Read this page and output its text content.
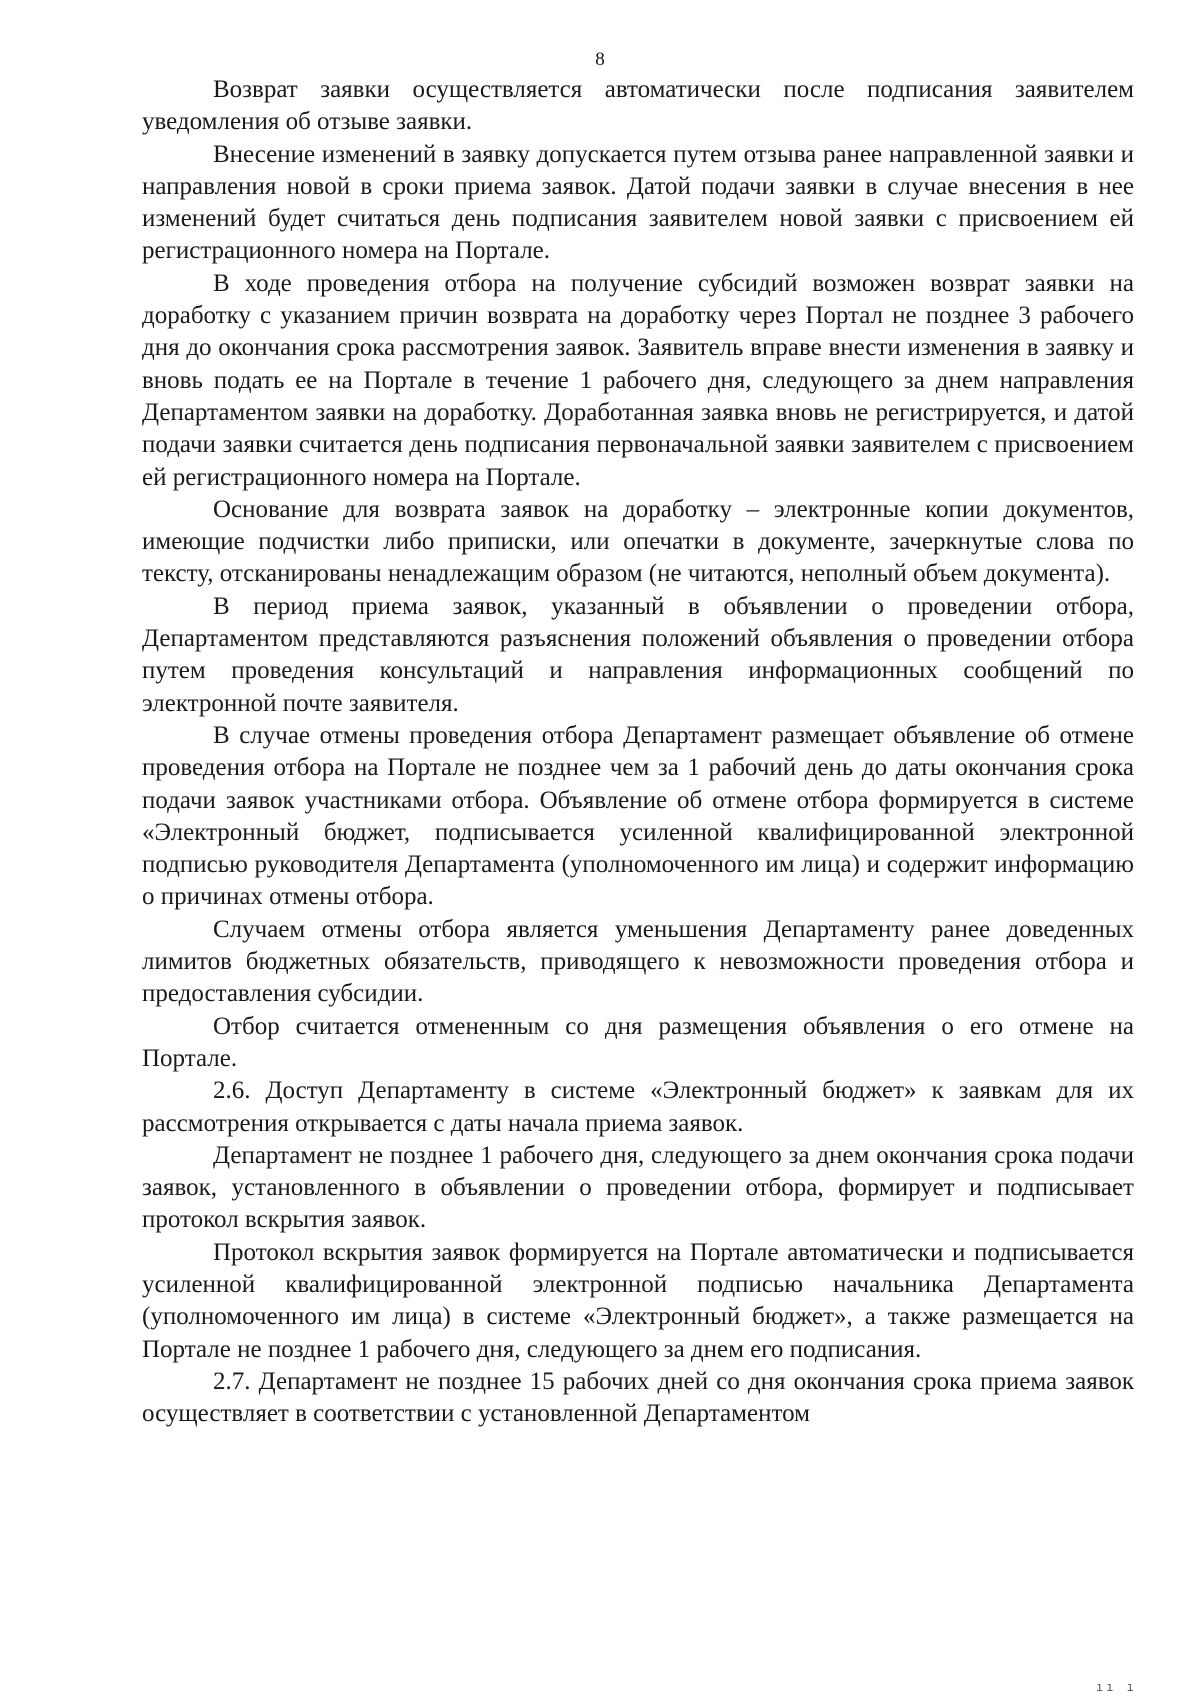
8

Возврат заявки осуществляется автоматически после подписания заявителем уведомления об отзыве заявки.

Внесение изменений в заявку допускается путем отзыва ранее направленной заявки и направления новой в сроки приема заявок. Датой подачи заявки в случае внесения в нее изменений будет считаться день подписания заявителем новой заявки с присвоением ей регистрационного номера на Портале.

В ходе проведения отбора на получение субсидий возможен возврат заявки на доработку с указанием причин возврата на доработку через Портал не позднее 3 рабочего дня до окончания срока рассмотрения заявок. Заявитель вправе внести изменения в заявку и вновь подать ее на Портале в течение 1 рабочего дня, следующего за днем направления Департаментом заявки на доработку. Доработанная заявка вновь не регистрируется, и датой подачи заявки считается день подписания первоначальной заявки заявителем с присвоением ей регистрационного номера на Портале.

Основание для возврата заявок на доработку – электронные копии документов, имеющие подчистки либо приписки, или опечатки в документе, зачеркнутые слова по тексту, отсканированы ненадлежащим образом (не читаются, неполный объем документа).

В период приема заявок, указанный в объявлении о проведении отбора, Департаментом представляются разъяснения положений объявления о проведении отбора путем проведения консультаций и направления информационных сообщений по электронной почте заявителя.

В случае отмены проведения отбора Департамент размещает объявление об отмене проведения отбора на Портале не позднее чем за 1 рабочий день до даты окончания срока подачи заявок участниками отбора. Объявление об отмене отбора формируется в системе «Электронный бюджет, подписывается усиленной квалифицированной электронной подписью руководителя Департамента (уполномоченного им лица) и содержит информацию о причинах отмены отбора.

Случаем отмены отбора является уменьшения Департаменту ранее доведенных лимитов бюджетных обязательств, приводящего к невозможности проведения отбора и предоставления субсидии.

Отбор считается отмененным со дня размещения объявления о его отмене на Портале.

2.6. Доступ Департаменту в системе «Электронный бюджет» к заявкам для их рассмотрения открывается с даты начала приема заявок.

Департамент не позднее 1 рабочего дня, следующего за днем окончания срока подачи заявок, установленного в объявлении о проведении отбора, формирует и подписывает протокол вскрытия заявок.

Протокол вскрытия заявок формируется на Портале автоматически и подписывается усиленной квалифицированной электронной подписью начальника Департамента (уполномоченного им лица) в системе «Электронный бюджет», а также размещается на Портале не позднее 1 рабочего дня, следующего за днем его подписания.

2.7. Департамент не позднее 15 рабочих дней со дня окончания срока приема заявок осуществляет в соответствии с установленной Департаментом

ıı ı
